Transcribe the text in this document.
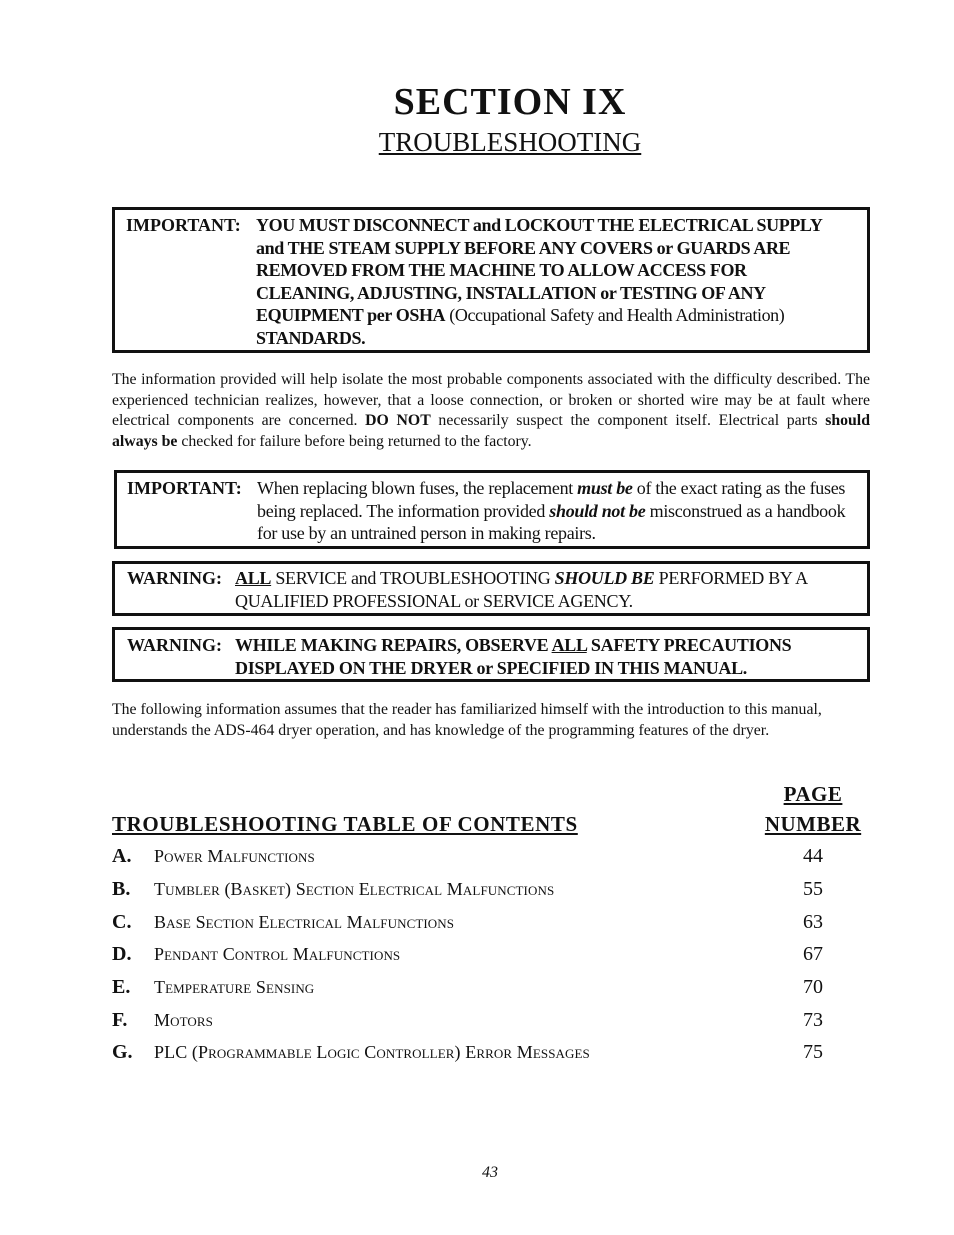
SECTION IX
TROUBLESHOOTING
IMPORTANT: YOU MUST DISCONNECT and LOCKOUT THE ELECTRICAL SUPPLY
and THE STEAM SUPPLY BEFORE ANY COVERS or GUARDS ARE
REMOVED FROM THE MACHINE TO ALLOW ACCESS FOR
CLEANING, ADJUSTING, INSTALLATION or TESTING OF ANY
EQUIPMENT per OSHA (Occupational Safety and Health Administration)
STANDARDS.
The information provided will help isolate the most probable components associated with the difficulty described. The experienced technician realizes, however, that a loose connection, or broken or shorted wire may be at fault where electrical components are concerned. DO NOT necessarily suspect the component itself. Electrical parts should always be checked for failure before being returned to the factory.
IMPORTANT: When replacing blown fuses, the replacement must be of the exact rating as the fuses being replaced. The information provided should not be misconstrued as a handbook for use by an untrained person in making repairs.
WARNING: ALL SERVICE and TROUBLESHOOTING SHOULD BE PERFORMED BY A QUALIFIED PROFESSIONAL or SERVICE AGENCY.
WARNING: WHILE MAKING REPAIRS, OBSERVE ALL SAFETY PRECAUTIONS DISPLAYED ON THE DRYER or SPECIFIED IN THIS MANUAL.
The following information assumes that the reader has familiarized himself with the introduction to this manual, understands the ADS-464 dryer operation, and has knowledge of the programming features of the dryer.
PAGE
NUMBER
TROUBLESHOOTING TABLE OF CONTENTS
A. Power Malfunctions	44
B. Tumbler (Basket) Section Electrical Malfunctions	55
C. Base Section Electrical Malfunctions	63
D. Pendant Control Malfunctions	67
E. Temperature Sensing	70
F. Motors	73
G. PLC (Programmable Logic Controller) Error Messages	75
43
